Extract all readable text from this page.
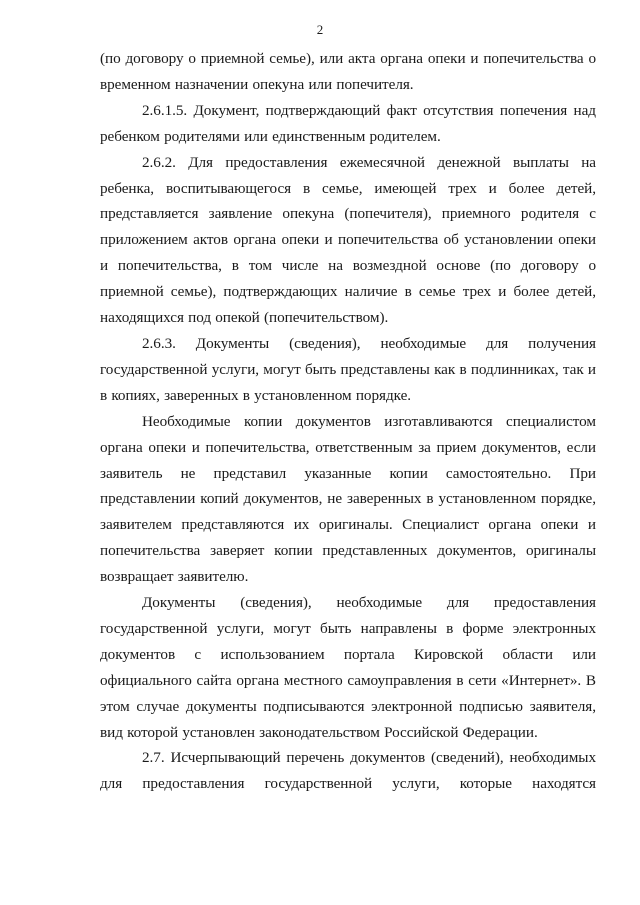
2

(по договору о приемной семье), или акта органа опеки и попечительства о временном назначении опекуна или попечителя.

2.6.1.5. Документ, подтверждающий факт отсутствия попечения над ребенком родителями или единственным родителем.

2.6.2. Для предоставления ежемесячной денежной выплаты на ребенка, воспитывающегося в семье, имеющей трех и более детей, представляется заявление опекуна (попечителя), приемного родителя с приложением актов органа опеки и попечительства об установлении опеки и попечительства, в том числе на возмездной основе (по договору о приемной семье), подтверждающих наличие в семье трех и более детей, находящихся под опекой (попечительством).

2.6.3. Документы (сведения), необходимые для получения государственной услуги, могут быть представлены как в подлинниках, так и в копиях, заверенных в установленном порядке.

Необходимые копии документов изготавливаются специалистом органа опеки и попечительства, ответственным за прием документов, если заявитель не представил указанные копии самостоятельно. При представлении копий документов, не заверенных в установленном порядке, заявителем представляются их оригиналы. Специалист органа опеки и попечительства заверяет копии представленных документов, оригиналы возвращает заявителю.

Документы (сведения), необходимые для предоставления государственной услуги, могут быть направлены в форме электронных документов с использованием портала Кировской области или официального сайта органа местного самоуправления в сети «Интернет». В этом случае документы подписываются электронной подписью заявителя, вид которой установлен законодательством Российской Федерации.

2.7. Исчерпывающий перечень документов (сведений), необходимых для предоставления государственной услуги, которые находятся
